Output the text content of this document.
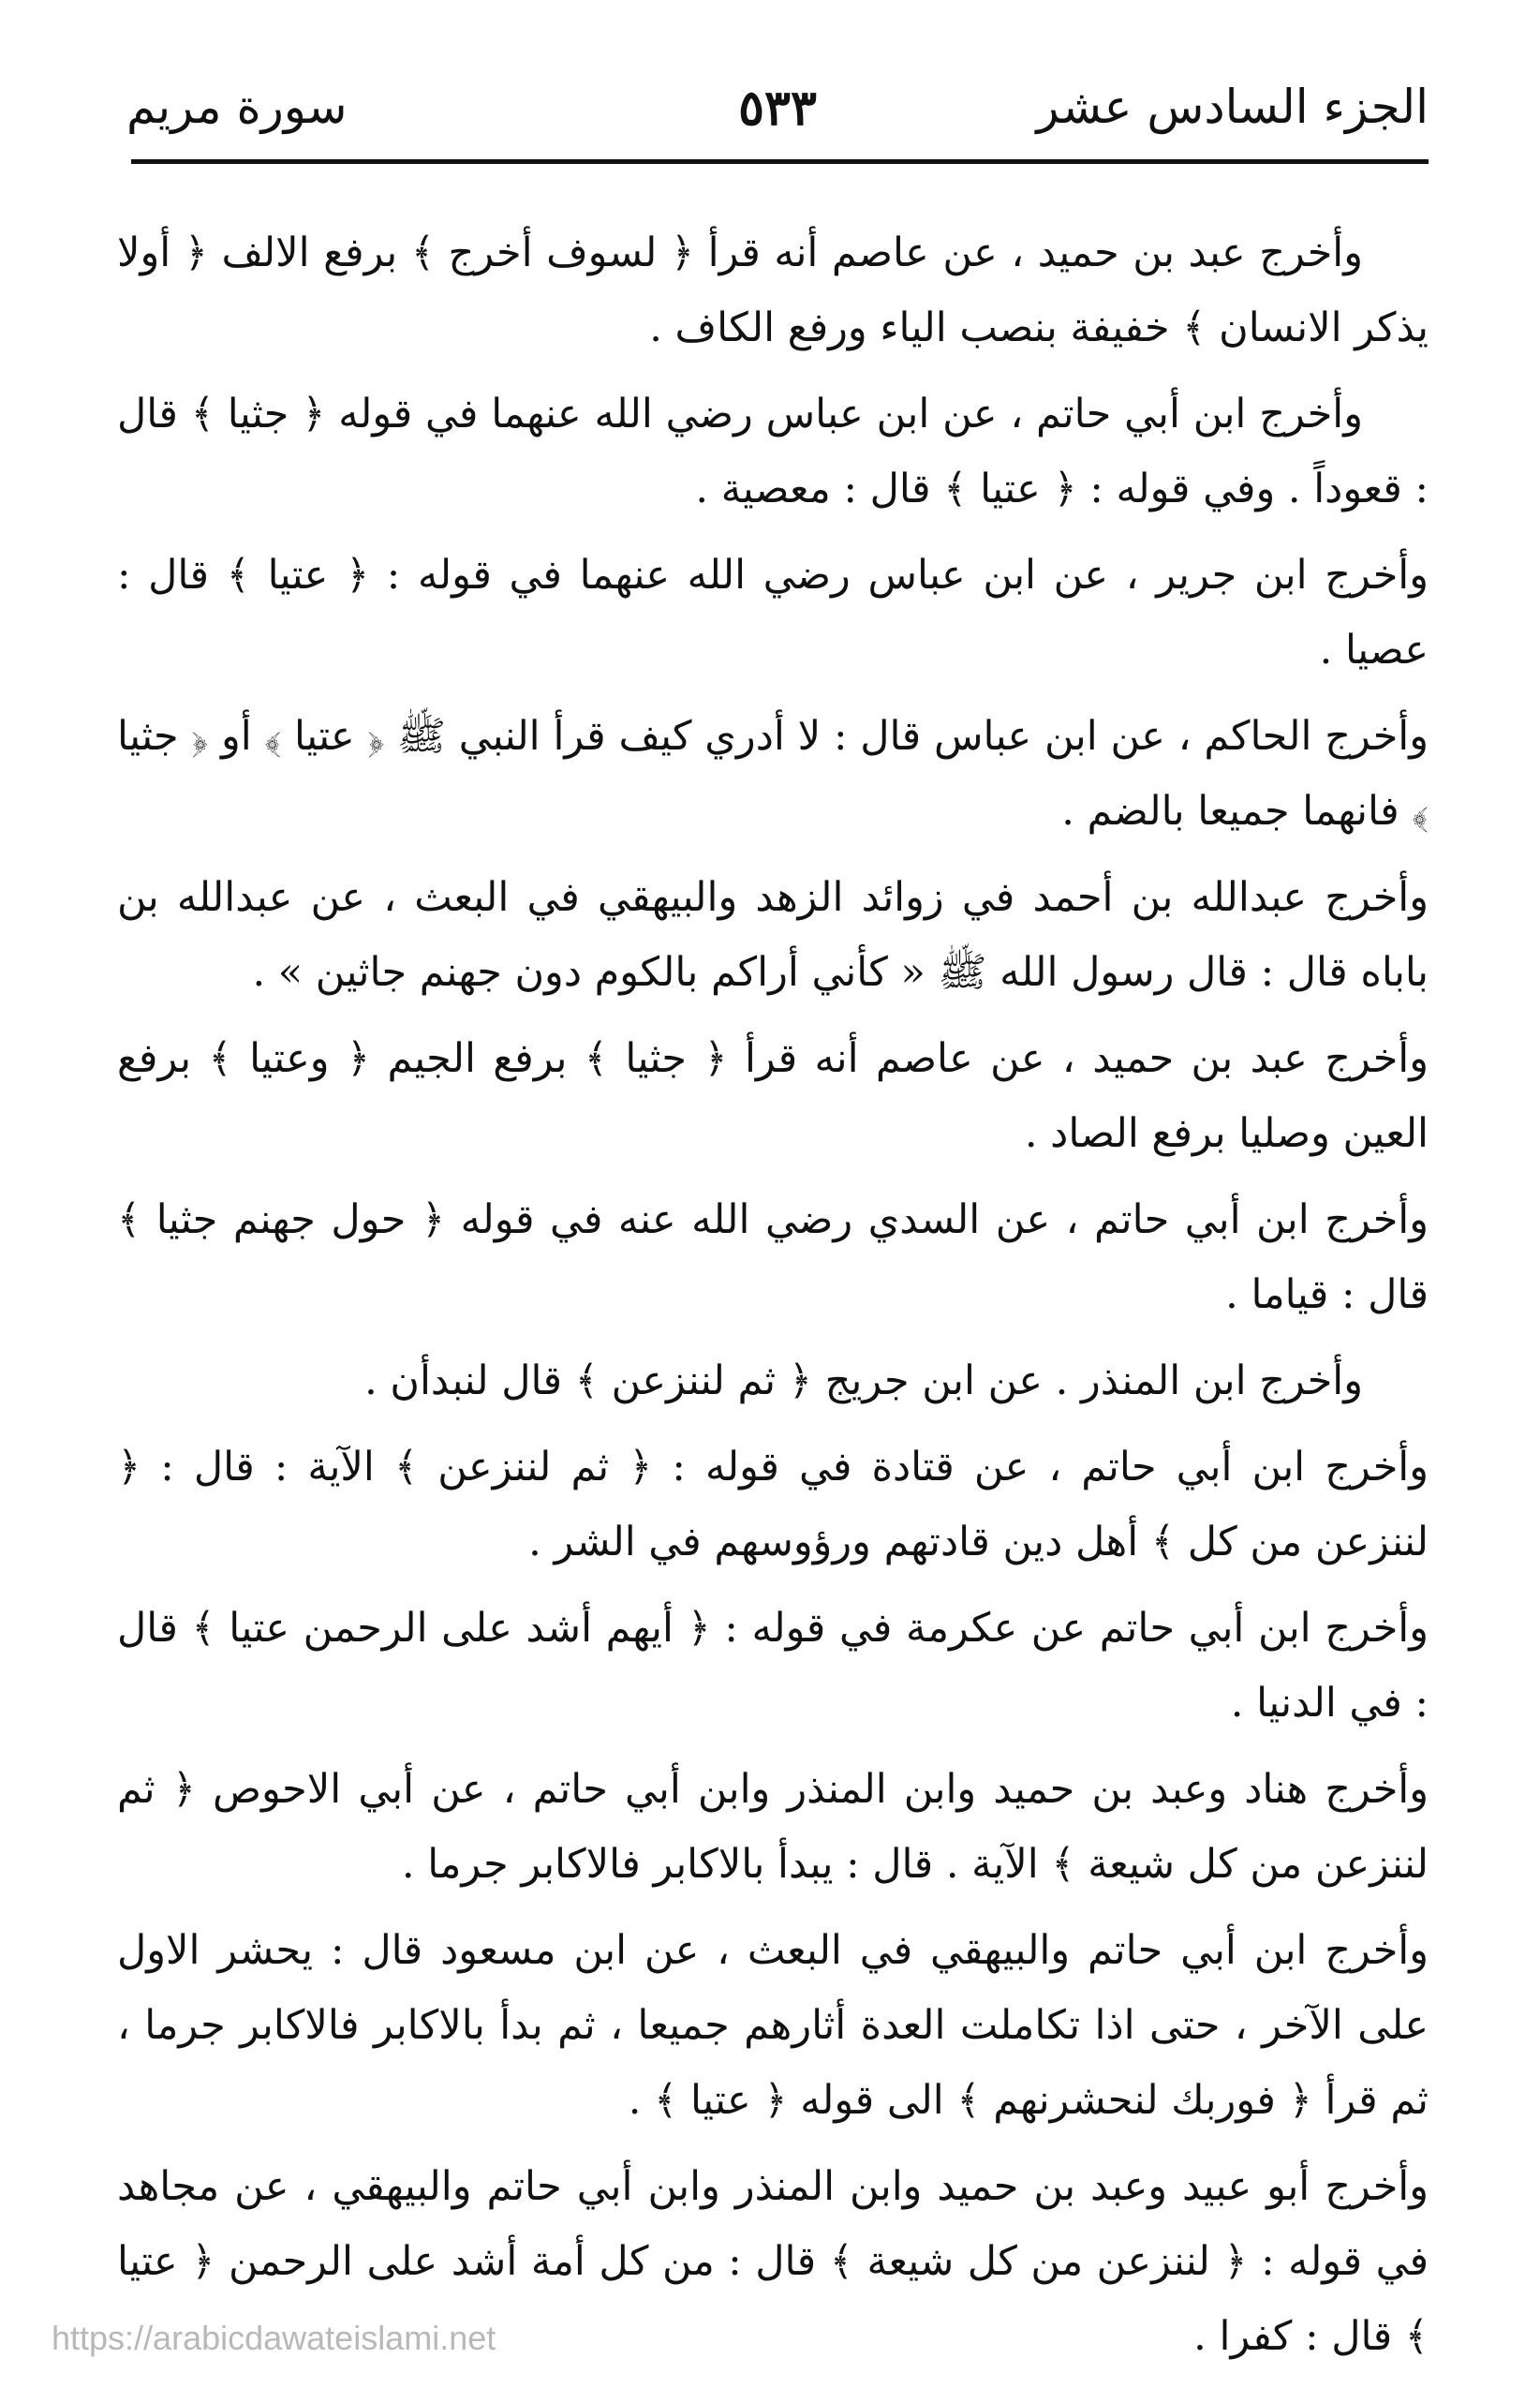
الجزء السادس عشر
٥٣٣
سورة مريم

وأخرج عبد بن حميد ، عن عاصم أنه قرأ ﴿ لسوف أخرج ﴾ برفع الالف ﴿ أولا يذكر الانسان ﴾ خفيفة بنصب الياء ورفع الكاف .

وأخرج ابن أبي حاتم ، عن ابن عباس رضي الله عنهما في قوله ﴿ جثيا ﴾ قال : قعوداً . وفي قوله : ﴿ عتيا ﴾ قال : معصية .

وأخرج ابن جرير ، عن ابن عباس رضي الله عنهما في قوله : ﴿ عتيا ﴾ قال : عصيا .

وأخرج الحاكم ، عن ابن عباس قال : لا أدري كيف قرأ النبي ﷺ ﴿ عتيا ﴾ أو ﴿ جثيا ﴾ فانهما جميعا بالضم .

وأخرج عبدالله بن أحمد في زوائد الزهد والبيهقي في البعث ، عن عبدالله بن باباه قال : قال رسول الله ﷺ « كأني أراكم بالكوم دون جهنم جاثين » .

وأخرج عبد بن حميد ، عن عاصم أنه قرأ ﴿ جثيا ﴾ برفع الجيم ﴿ وعتيا ﴾ برفع العين وصليا برفع الصاد .

وأخرج ابن أبي حاتم ، عن السدي رضي الله عنه في قوله ﴿ حول جهنم جثيا ﴾ قال : قياما .

وأخرج ابن المنذر . عن ابن جريج ﴿ ثم لننزعن ﴾ قال لنبدأن .

وأخرج ابن أبي حاتم ، عن قتادة في قوله : ﴿ ثم لننزعن ﴾ الآية : قال : ﴿ لننزعن من كل ﴾ أهل دين قادتهم ورؤوسهم في الشر .

وأخرج ابن أبي حاتم عن عكرمة في قوله : ﴿ أيهم أشد على الرحمن عتيا ﴾ قال : في الدنيا .

وأخرج هناد وعبد بن حميد وابن المنذر وابن أبي حاتم ، عن أبي الاحوص ﴿ ثم لننزعن من كل شيعة ﴾ الآية . قال : يبدأ بالاكابر فالاكابر جرما .

وأخرج ابن أبي حاتم والبيهقي في البعث ، عن ابن مسعود قال : يحشر الاول على الآخر ، حتى اذا تكاملت العدة أثارهم جميعا ، ثم بدأ بالاكابر فالاكابر جرما ، ثم قرأ ﴿ فوربك لنحشرنهم ﴾ الى قوله ﴿ عتيا ﴾ .

وأخرج أبو عبيد وعبد بن حميد وابن المنذر وابن أبي حاتم والبيهقي ، عن مجاهد في قوله : ﴿ لننزعن من كل شيعة ﴾ قال : من كل أمة أشد على الرحمن ﴿ عتيا ﴾ قال : كفرا .

https://arabicdawateislami.net
